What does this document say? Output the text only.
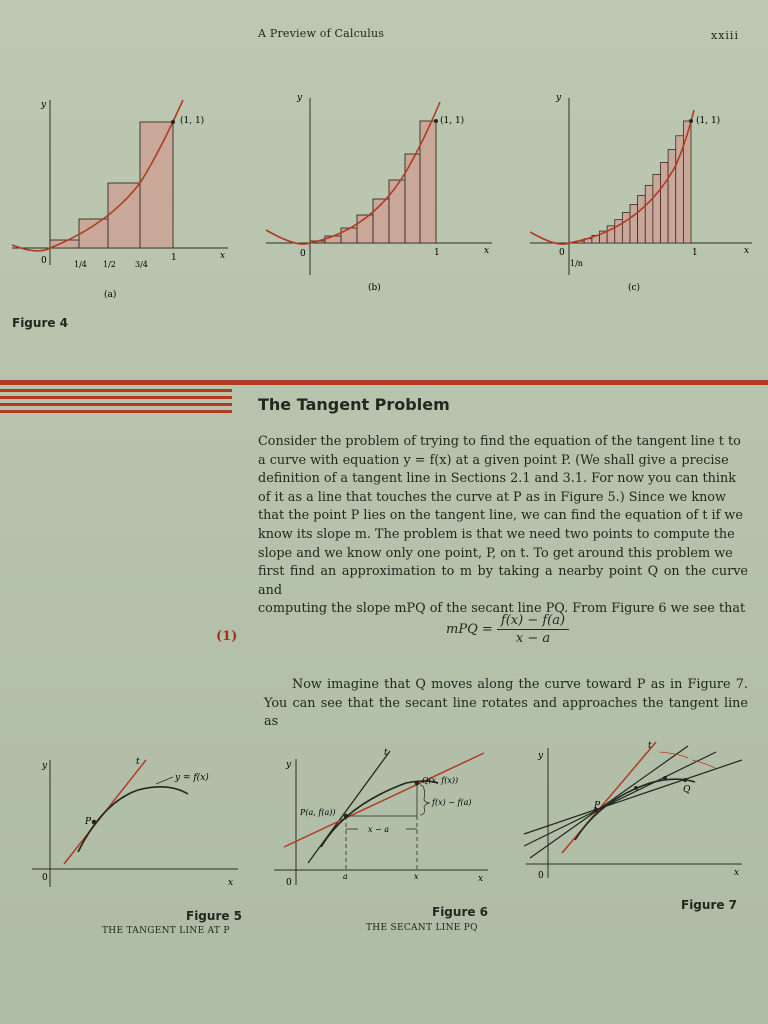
A Preview of Calculus	xxiii
y
x
0
(1, 1)
1
1/4 1/2 3/4
(a)
y
x
0
(1, 1)
1
(b)
y
x
0
(1, 1)
1
1/n
(c)
Figure 4
The Tangent Problem

Consider the problem of trying to find the equation of the tangent line t to

a curve with equation y = f(x) at a given point P. (We shall give a precise

definition of a tangent line in Sections 2.1 and 3.1. For now you can think

of it as a line that touches the curve at P as in Figure 5.) Since we know

that the point P lies on the tangent line, we can find the equation of t if we

know its slope m. The problem is that we need two points to compute the

slope and we know only one point, P, on t. To get around this problem we

first find an approximation to m by taking a nearby point Q on the curve and

computing the slope mPQ of the secant line PQ. From Figure 6 we see that

(1)	mPQ = $\frac{f(x) - f(a)}{x - a}$
Now imagine that Q moves along the curve toward P as in Figure 7. You can see that the secant line rotates and approaches the tangent line as
y
x
0
t
P
y = f(x)
Figure 5
THE TANGENT LINE AT P
y
x
0
t
P(a, f(a))
Q(x, f(x))
f(x) − f(a)
x − a
a	x
Figure 6
THE SECANT LINE PQ
y
x
0
t
P
Q
Figure 7
